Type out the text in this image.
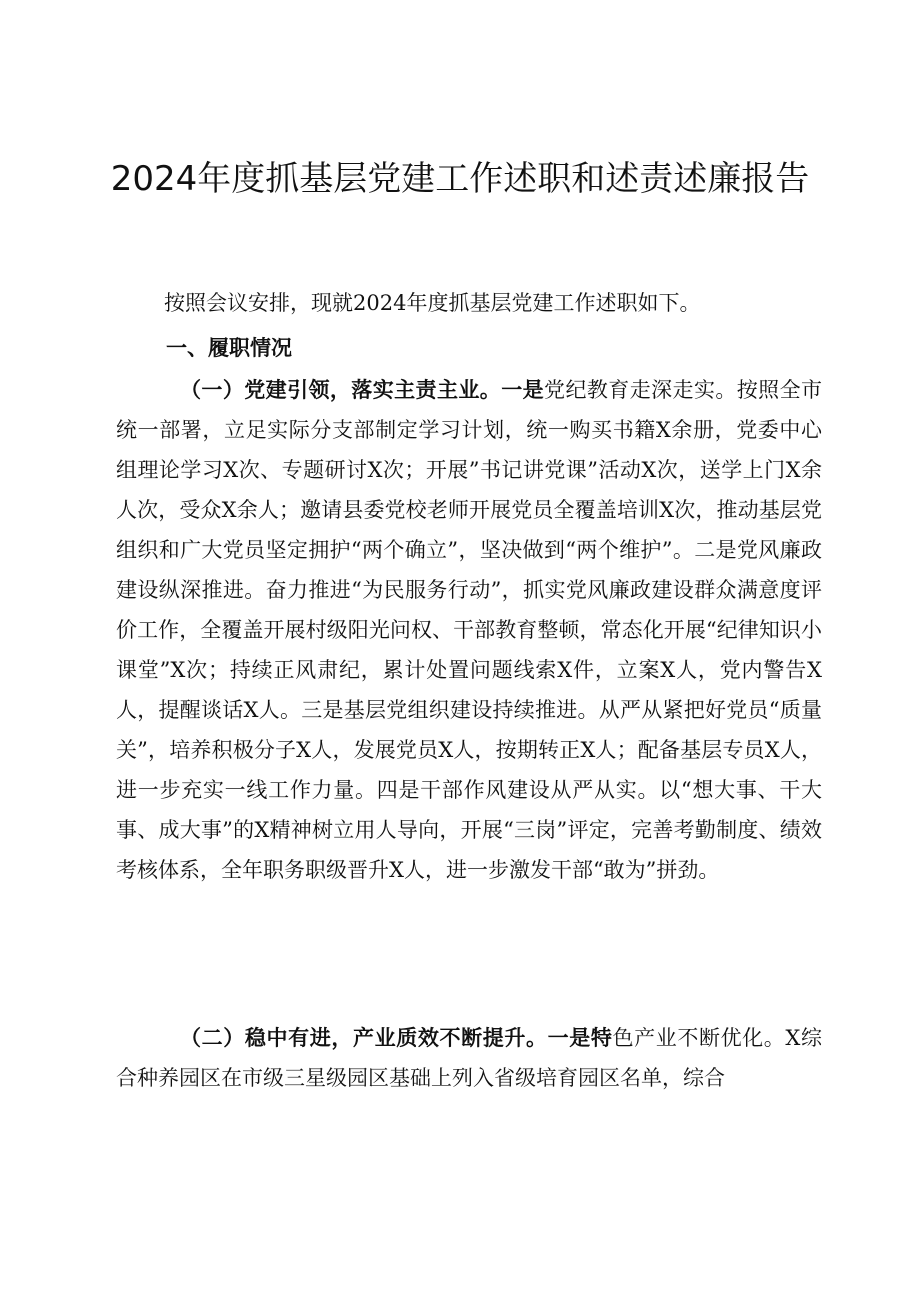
2024年度抓基层党建工作述职和述责述廉报告

按照会议安排，现就2024年度抓基层党建工作述职如下。

一、履职情况

（一）党建引领，落实主责主业。一是党纪教育走深走实。按照全市统一部署，立足实际分支部制定学习计划，统一购买书籍X余册，党委中心组理论学习X次、专题研讨X次；开展”书记讲党课”活动X次，送学上门X余人次，受众X余人；邀请县委党校老师开展党员全覆盖培训X次，推动基层党组织和广大党员坚定拥护“两个确立”，坚决做到“两个维护”。二是党风廉政建设纵深推进。奋力推进“为民服务行动”，抓实党风廉政建设群众满意度评价工作，全覆盖开展村级阳光问权、干部教育整顿，常态化开展“纪律知识小课堂”X次；持续正风肃纪，累计处置问题线索X件，立案X人，党内警告X人，提醒谈话X人。三是基层党组织建设持续推进。从严从紧把好党员“质量关”，培养积极分子X人，发展党员X人，按期转正X人；配备基层专员X人，进一步充实一线工作力量。四是干部作风建设从严从实。以“想大事、干大事、成大事”的X精神树立用人导向，开展“三岗”评定，完善考勤制度、绩效考核体系，全年职务职级晋升X人，进一步激发干部“敢为”拼劲。

（二）稳中有进，产业质效不断提升。一是特色产业不断优化。X综合种养园区在市级三星级园区基础上列入省级培育园区名单，综合
